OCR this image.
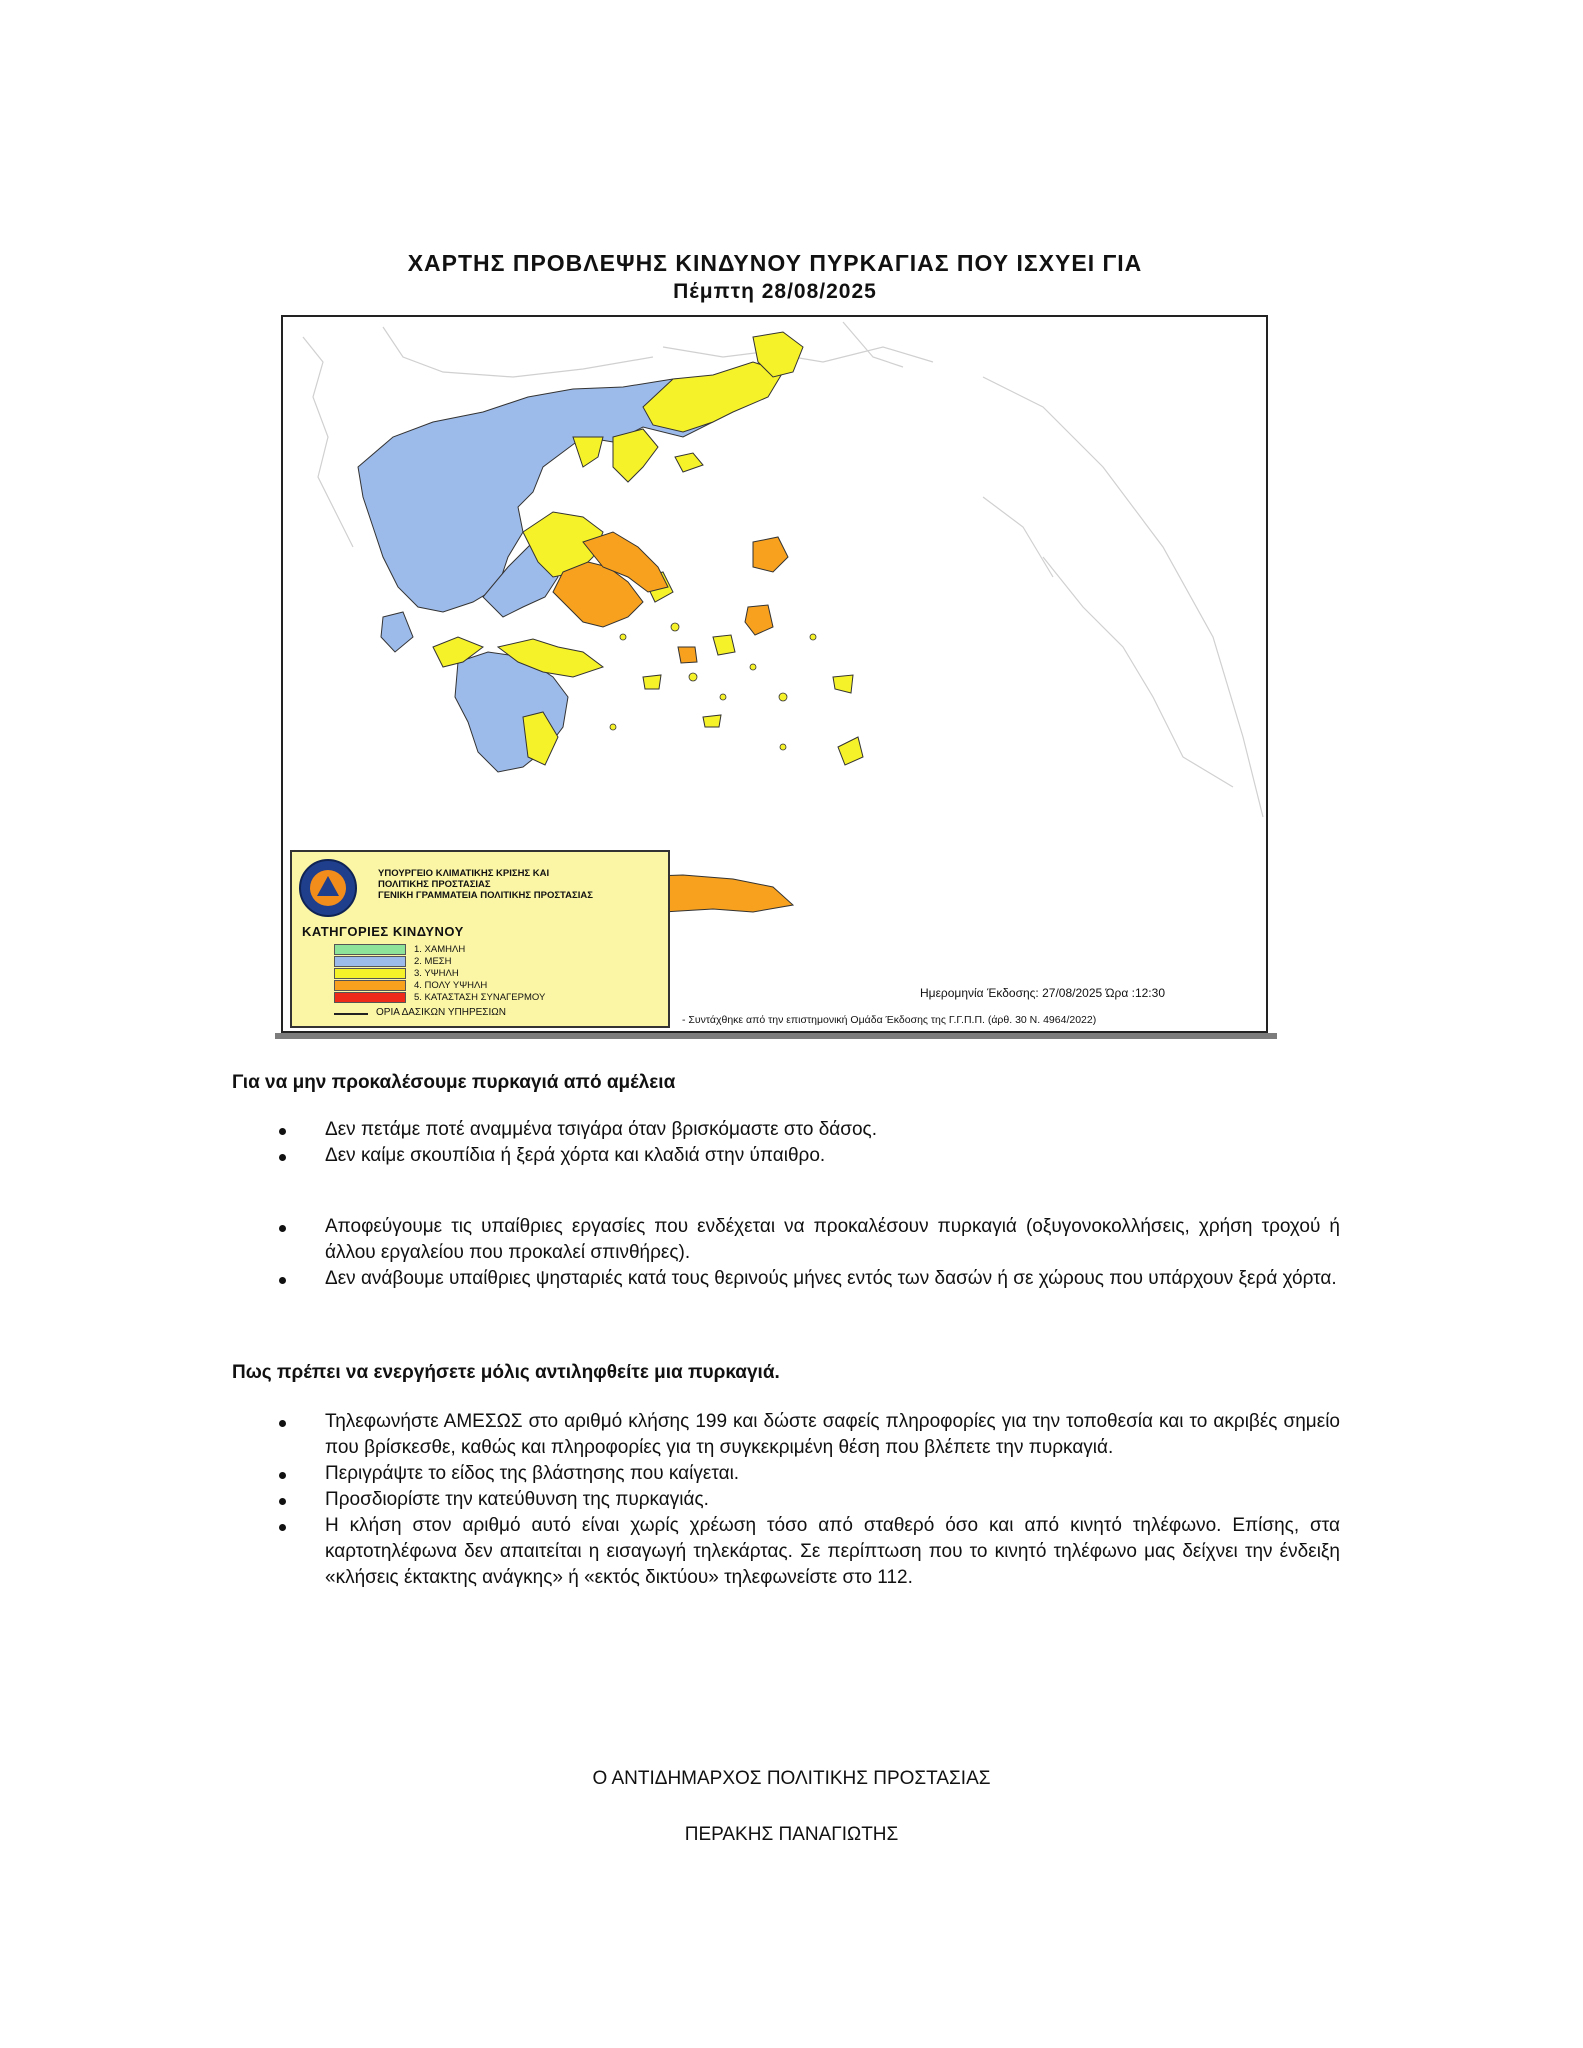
ΧΑΡΤΗΣ ΠΡΟΒΛΕΨΗΣ ΚΙΝΔΥΝΟΥ ΠΥΡΚΑΓΙΑΣ ΠΟΥ ΙΣΧΥΕΙ ΓΙΑ
Πέμπτη 28/08/2025
ΥΠΟΥΡΓΕΙΟ ΚΛΙΜΑΤΙΚΗΣ ΚΡΙΣΗΣ ΚΑΙ
ΠΟΛΙΤΙΚΗΣ ΠΡΟΣΤΑΣΙΑΣ
ΓΕΝΙΚΗ ΓΡΑΜΜΑΤΕΙΑ ΠΟΛΙΤΙΚΗΣ ΠΡΟΣΤΑΣΙΑΣ
ΚΑΤΗΓΟΡΙΕΣ ΚΙΝΔΥΝΟΥ
1. ΧΑΜΗΛΗ
2. ΜΕΣΗ
3. ΥΨΗΛΗ
4. ΠΟΛΥ ΥΨΗΛΗ
5. ΚΑΤΑΣΤΑΣΗ ΣΥΝΑΓΕΡΜΟΥ
ΟΡΙΑ ΔΑΣΙΚΩΝ ΥΠΗΡΕΣΙΩΝ
Ημερομηνία Έκδοσης: 27/08/2025 Ώρα :12:30
- Συντάχθηκε από την επιστημονική Ομάδα Έκδοσης της Γ.Γ.Π.Π. (άρθ. 30 Ν. 4964/2022)
Για να μην προκαλέσουμε πυρκαγιά από αμέλεια
Δεν πετάμε ποτέ αναμμένα τσιγάρα όταν βρισκόμαστε στο δάσος.
Δεν καίμε σκουπίδια ή ξερά χόρτα και κλαδιά στην ύπαιθρο.
Αποφεύγουμε τις υπαίθριες εργασίες που ενδέχεται να προκαλέσουν πυρκαγιά (οξυγονοκολλήσεις, χρήση τροχού ή άλλου εργαλείου που προκαλεί σπινθήρες).
Δεν ανάβουμε υπαίθριες ψησταριές κατά τους θερινούς μήνες εντός των δασών ή σε χώρους που υπάρχουν ξερά χόρτα.
Πως πρέπει να ενεργήσετε μόλις αντιληφθείτε μια πυρκαγιά.
Τηλεφωνήστε ΑΜΕΣΩΣ στο αριθμό κλήσης 199 και δώστε σαφείς πληροφορίες για την τοποθεσία και το ακριβές σημείο που βρίσκεσθε, καθώς και πληροφορίες για τη συγκεκριμένη θέση που βλέπετε την πυρκαγιά.
Περιγράψτε το είδος της βλάστησης που καίγεται.
Προσδιορίστε την κατεύθυνση της πυρκαγιάς.
Η κλήση στον αριθμό αυτό είναι χωρίς χρέωση τόσο από σταθερό όσο και από κινητό τηλέφωνο. Επίσης, στα καρτοτηλέφωνα δεν απαιτείται η εισαγωγή τηλεκάρτας. Σε περίπτωση που το κινητό τηλέφωνο μας δείχνει την ένδειξη «κλήσεις έκτακτης ανάγκης» ή «εκτός δικτύου» τηλεφωνείστε στο 112.
Ο ΑΝΤΙΔΗΜΑΡΧΟΣ ΠΟΛΙΤΙΚΗΣ ΠΡΟΣΤΑΣΙΑΣ
ΠΕΡΑΚΗΣ ΠΑΝΑΓΙΩΤΗΣ
